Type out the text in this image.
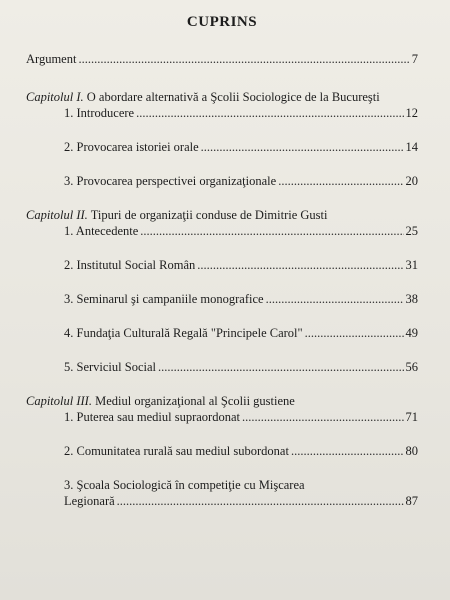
CUPRINS
Argument .....	7
Capitolul I. O abordare alternativă a Şcolii Sociologice de la Bucureşti
1. Introducere .....	12
2. Provocarea istoriei orale .....	14
3. Provocarea perspectivei organizaţionale .....	20
Capitolul II. Tipuri de organizaţii conduse de Dimitrie Gusti
1. Antecedente .....	25
2. Institutul Social Român .....	31
3. Seminarul şi campaniile monografice .....	38
4. Fundaţia Culturală Regală "Principele Carol" .....	49
5. Serviciul Social .....	56
Capitolul III. Mediul organizaţional al Şcolii gustiene
1. Puterea sau mediul supraordonat .....	71
2. Comunitatea rurală sau mediul subordonat .....	80
3. Şcoala Sociologică în competiţie cu Mişcarea
Legionară .....	87
